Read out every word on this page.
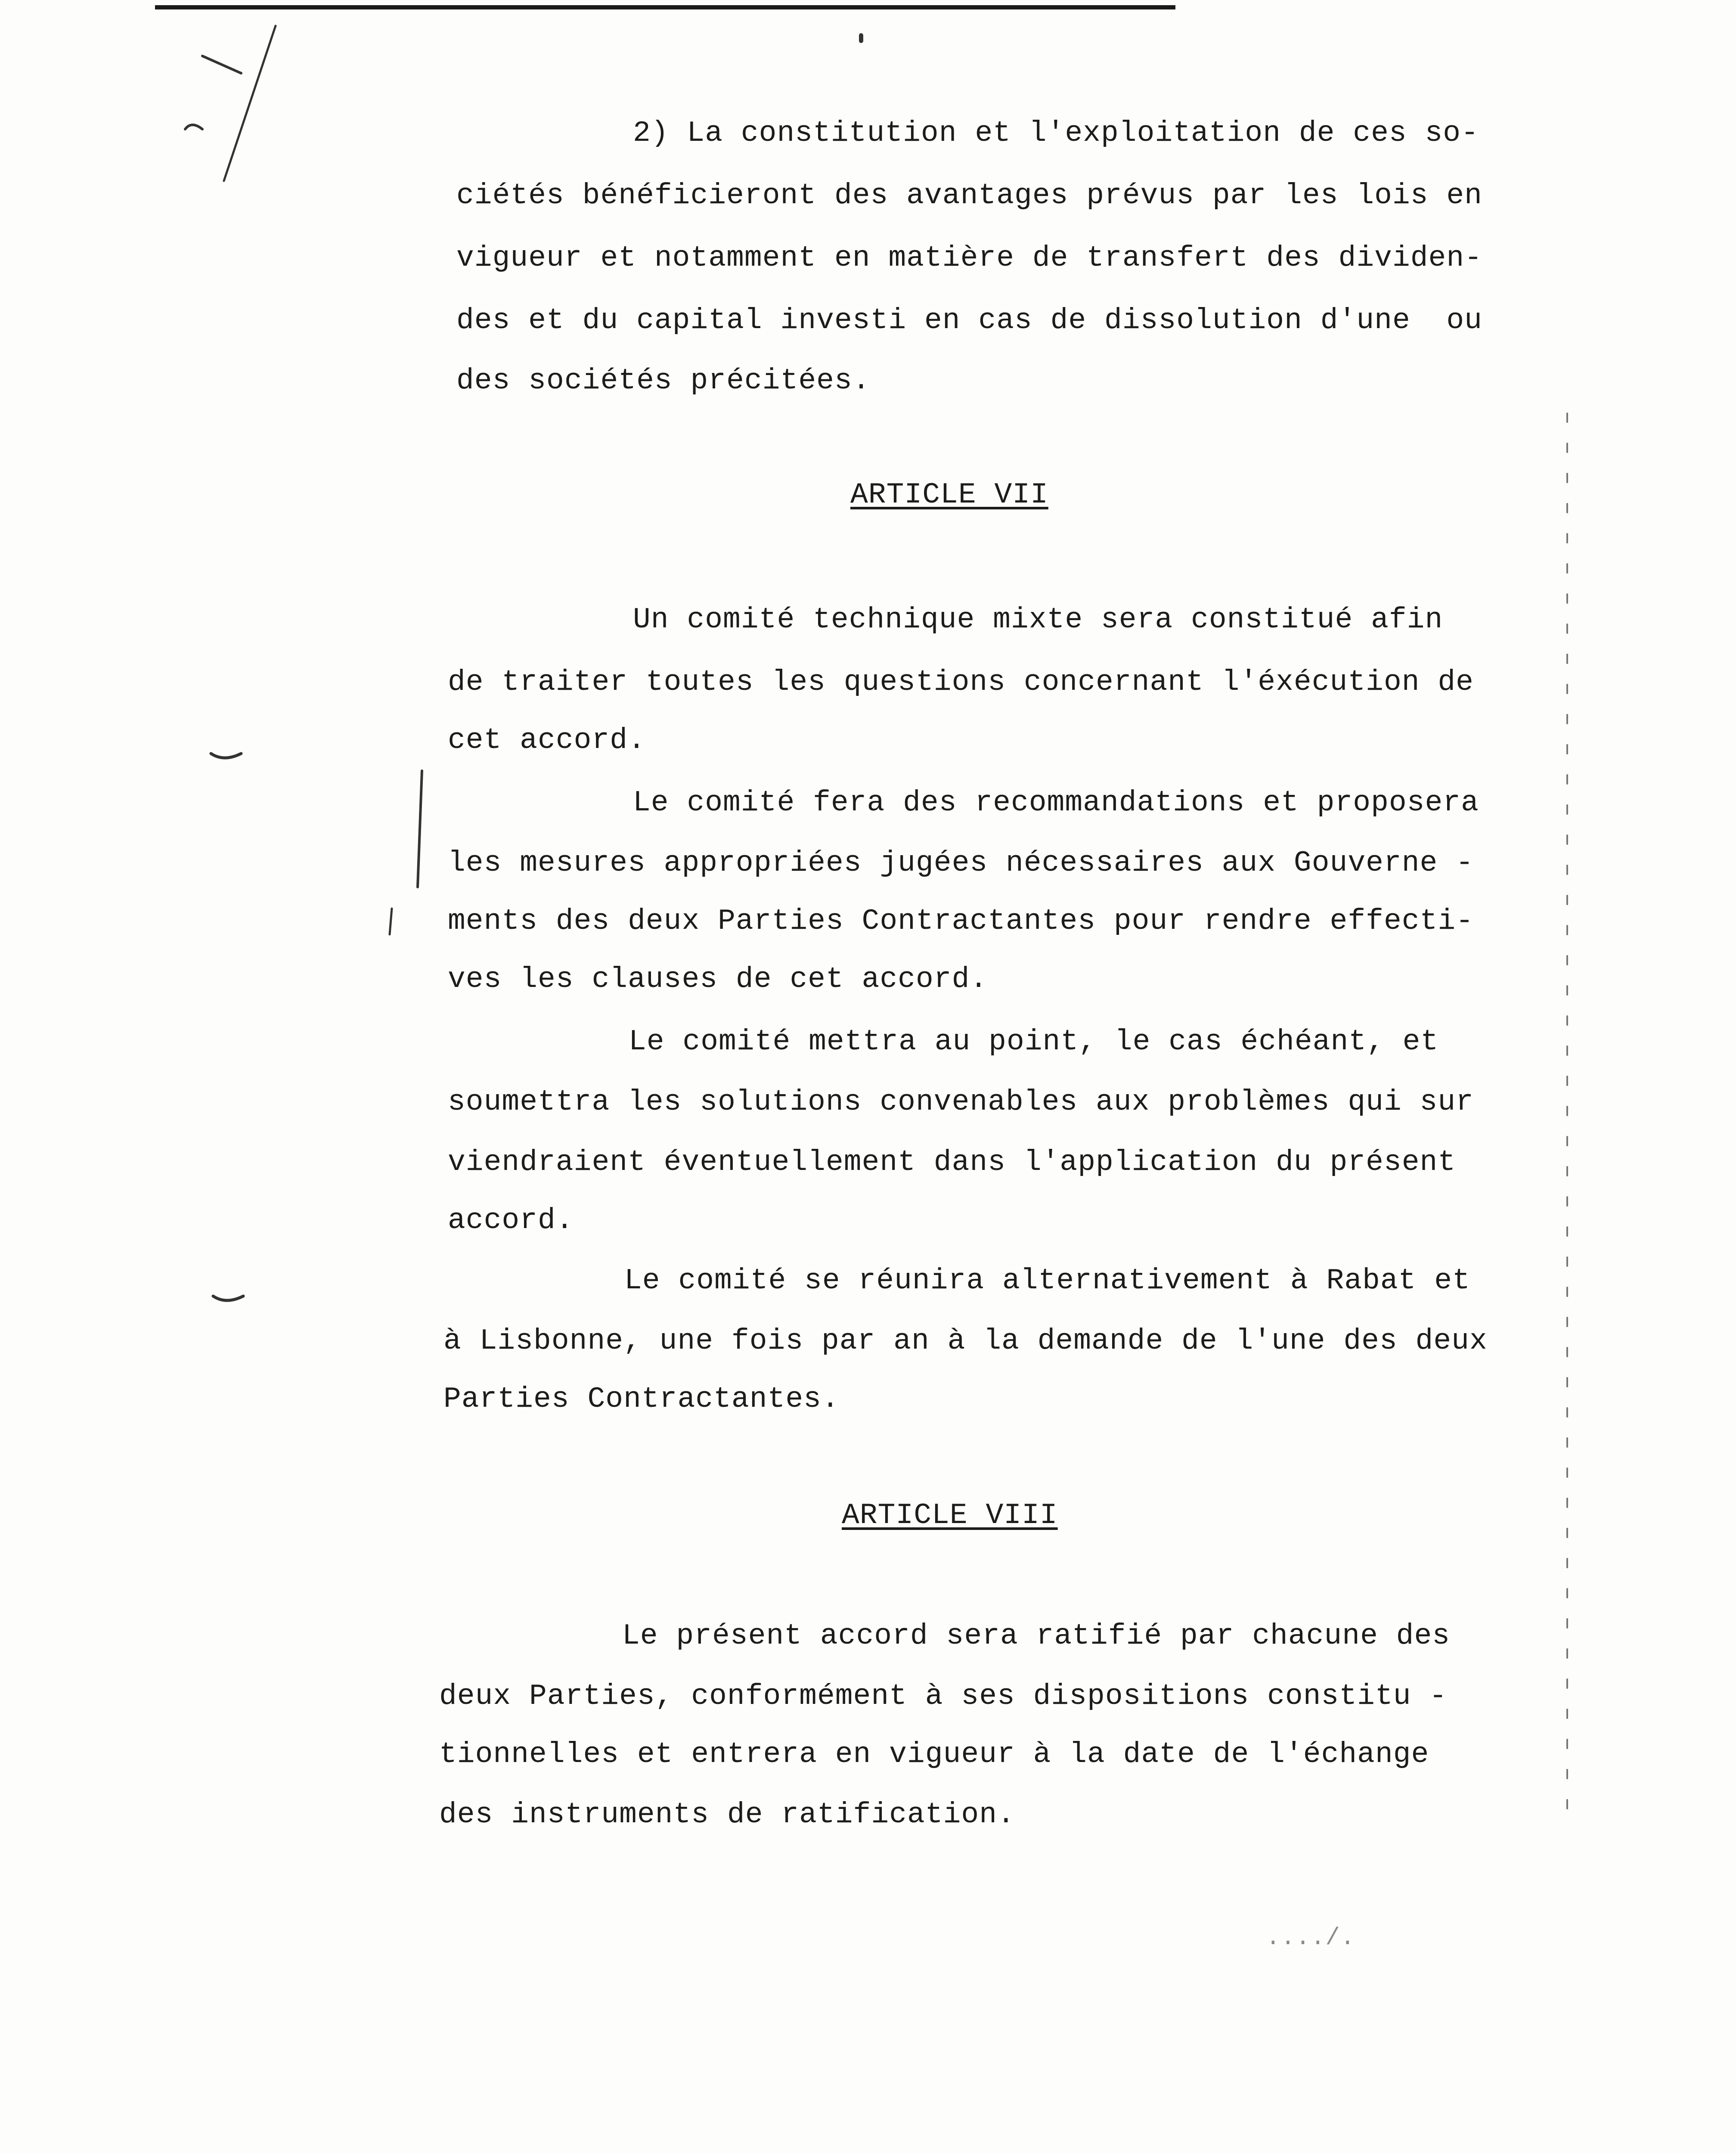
2) La constitution et l'exploitation de ces so-
ciétés bénéficieront des avantages prévus par les lois en
vigueur et notamment en matière de transfert des dividen-
des et du capital investi en cas de dissolution d'une  ou
des sociétés précitées.
ARTICLE VII
Un comité technique mixte sera constitué afin
de traiter toutes les questions concernant l'éxécution de
cet accord.
Le comité fera des recommandations et proposera
les mesures appropriées jugées nécessaires aux Gouverne -
ments des deux Parties Contractantes pour rendre effecti-
ves les clauses de cet accord.
Le comité mettra au point, le cas échéant, et
soumettra les solutions convenables aux problèmes qui sur
viendraient éventuellement dans l'application du présent
accord.
Le comité se réunira alternativement à Rabat et
à Lisbonne, une fois par an à la demande de l'une des deux
Parties Contractantes.
ARTICLE VIII
Le présent accord sera ratifié par chacune des
deux Parties, conformément à ses dispositions constitu -
tionnelles et entrera en vigueur à la date de l'échange
des instruments de ratification.
..../.
